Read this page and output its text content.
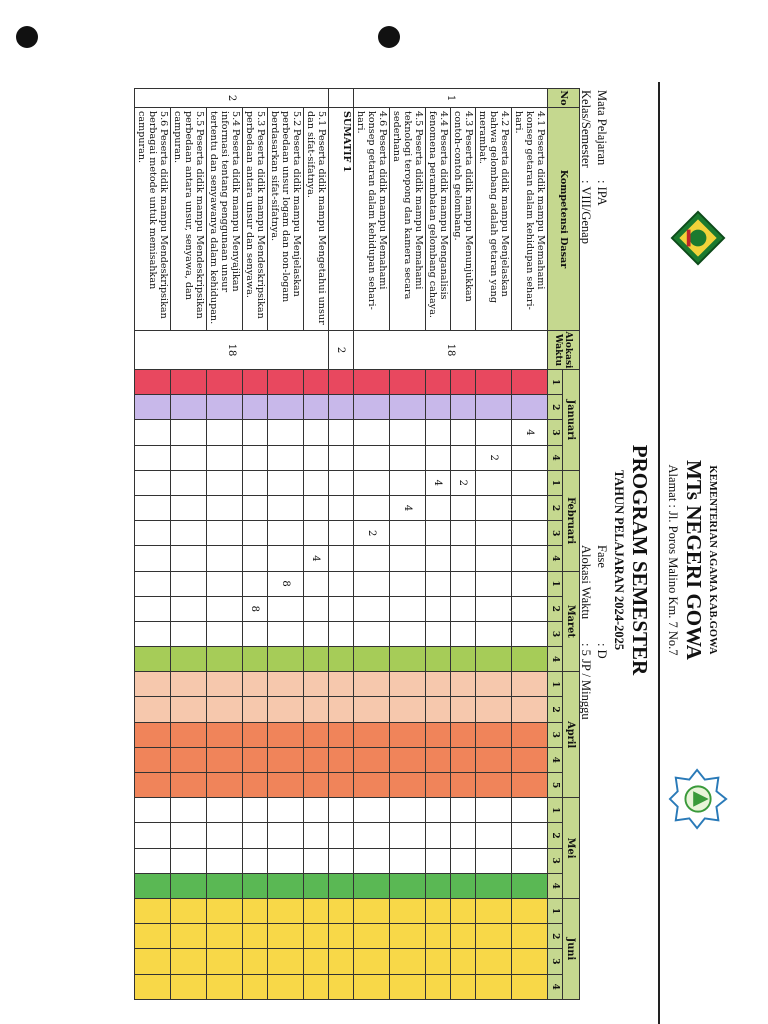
KEMENTERIAN AGAMA KAB.GOWA
MTs NEGERI GOWA
Alamat : Jl. Poros Malino Km. 7 No.7
PROGRAM SEMESTER
TAHUN PELAJARAN 2024-2025
Mata Pelajaran: IPA
Kelas/Semester: VIII/Genap
Fase: D
Alokasi Waktu: 5 JP / Minggu
No	Kompetensi Dasar	Alokasi Waktu	Januari				Februari				Maret				April					Mei				Juni			
			1	2	3	4	1	2	3	4	1	2	3	4	1	2	3	4	5	1	2	3	4	1	2	3	4
1	4.1Peserta didik mampu Memahami konsep getaran dalam kehidupan sehari-hari.	18			4																						
	4.2Peserta didik mampu Menjelaskan bahwa gelombang adalah getaran yang merambat.					2																					
	4.3Peserta didik mampu Menunjukkan contoh-contoh gelombang.						2																				
	4.4Peserta didik mampu Menganalisis fenomena perambatan gelombang cahaya.						4																				
	4.5Peserta didik mampu Memahami teknologi teropong dan kamera secara sederhana							4																			
	4.6Peserta didik mampu Memahami konsep getaran dalam kehidupan sehari-hari.								2																		
	SUMATIF 1	2																									
2	5.1Peserta didik mampu Mengetahui unsur dan sifat-sifatnya.	18								4																	
	5.2Peserta didik mampu Menjelaskan perbedaan unsur logam dan non-logam berdasarkan sifat-sifatnya.										8																
	5.3Peserta didik mampu Mendeskripsikan perbedaan antara unsur dan senyawa.											8															
	5.4Peserta didik mampu Menyajikan informasi tentang penggunaan unsur tertentu dan senyawanya dalam kehidupan.																										
	5.5Peserta didik mampu Mendeskripsikan perbedaan antara unsur, senyawa, dan campuran.																										
	5.6Peserta didik mampu Mendeskripsikan berbagai metode untuk memisahkan campuran.																										
